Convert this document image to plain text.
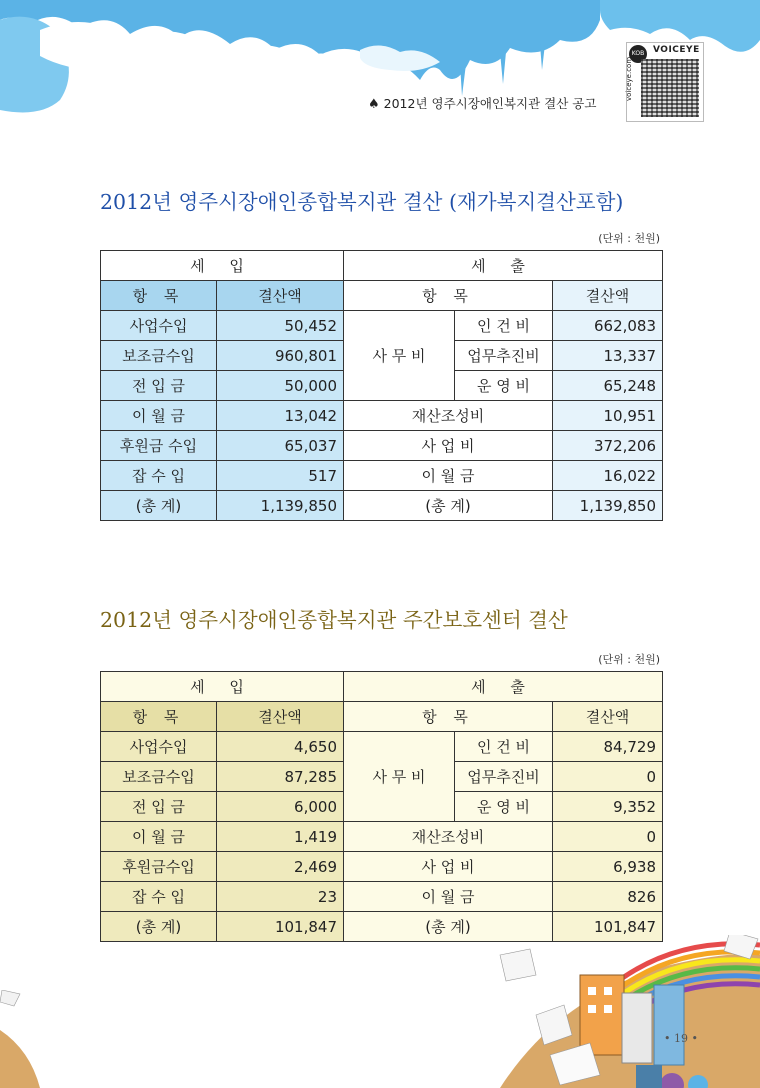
KOB VOICEYE
voiceye.com
♠ 2012년 영주시장애인복지관 결산 공고
2012년 영주시장애인종합복지관 결산 (재가복지결산포함)
(단위 : 천원)
세 입		세 출		
항 목	결산액	항 목		결산액
사업수입	50,452	사 무 비	인 건 비	662,083
보조금수입	960,801		업무추진비	13,337
전 입 금	50,000		운 영 비	65,248
이 월 금	13,042	재산조성비		10,951
후원금 수입	65,037	사 업 비		372,206
잡 수 입	517	이 월 금		16,022
(총 계)	1,139,850	(총 계)		1,139,850
2012년 영주시장애인종합복지관 주간보호센터 결산
(단위 : 천원)
세 입		세 출		
항 목	결산액	항 목		결산액
사업수입	4,650	사 무 비	인 건 비	84,729
보조금수입	87,285		업무추진비	0
전 입 금	6,000		운 영 비	9,352
이 월 금	1,419	재산조성비		0
후원금수입	2,469	사 업 비		6,938
잡 수 입	23	이 월 금		826
(총 계)	101,847	(총 계)		101,847
• 19 •
